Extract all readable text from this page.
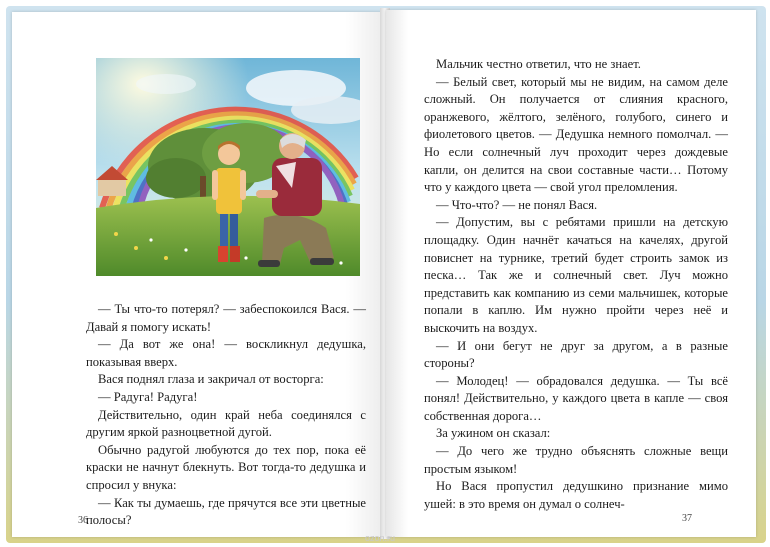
— Ты что-то потерял? — забеспокоился Вася. — Давай я помогу искать!

— Да вот же она! — воскликнул дедушка, показывая вверх.

Вася поднял глаза и закричал от восторга:

— Радуга! Радуга!

Действительно, один край неба соединялся с другим яркой разноцветной дугой.

Обычно радугой любуются до тех пор, пока её краски не начнут блекнуть. Вот тогда-то дедушка и спросил у внука:

— Как ты думаешь, где прячутся все эти цветные полосы?

36

Мальчик честно ответил, что не знает.

— Белый свет, который мы не видим, на самом деле сложный. Он получается от слияния красного, оранжевого, жёлтого, зелёного, голубого, синего и фиолетового цветов. — Дедушка немного помолчал. — Но если солнечный луч проходит через дождевые капли, он делится на свои составные части… Потому что у каждого цвета — свой угол преломления.

— Что-что? — не понял Вася.

— Допустим, вы с ребятами пришли на детскую площадку. Один начнёт качаться на качелях, другой повиснет на турнике, третий будет строить замок из песка… Так же и солнечный свет. Луч можно представить как компанию из семи мальчишек, которые попали в каплю. Им нужно пройти через неё и выскочить на воздух.

— И они бегут не друг за другом, а в разные стороны?

— Молодец! — обрадовался дедушка. — Ты всё понял! Действительно, у каждого цвета в капле — своя собственная дорога…

За ужином он сказал:

— До чего же трудно объяснять сложные вещи простым языком!

Но Вася пропустил дедушкино признание мимо ушей: в это время он думал о солнеч-

37
ozon.ru
